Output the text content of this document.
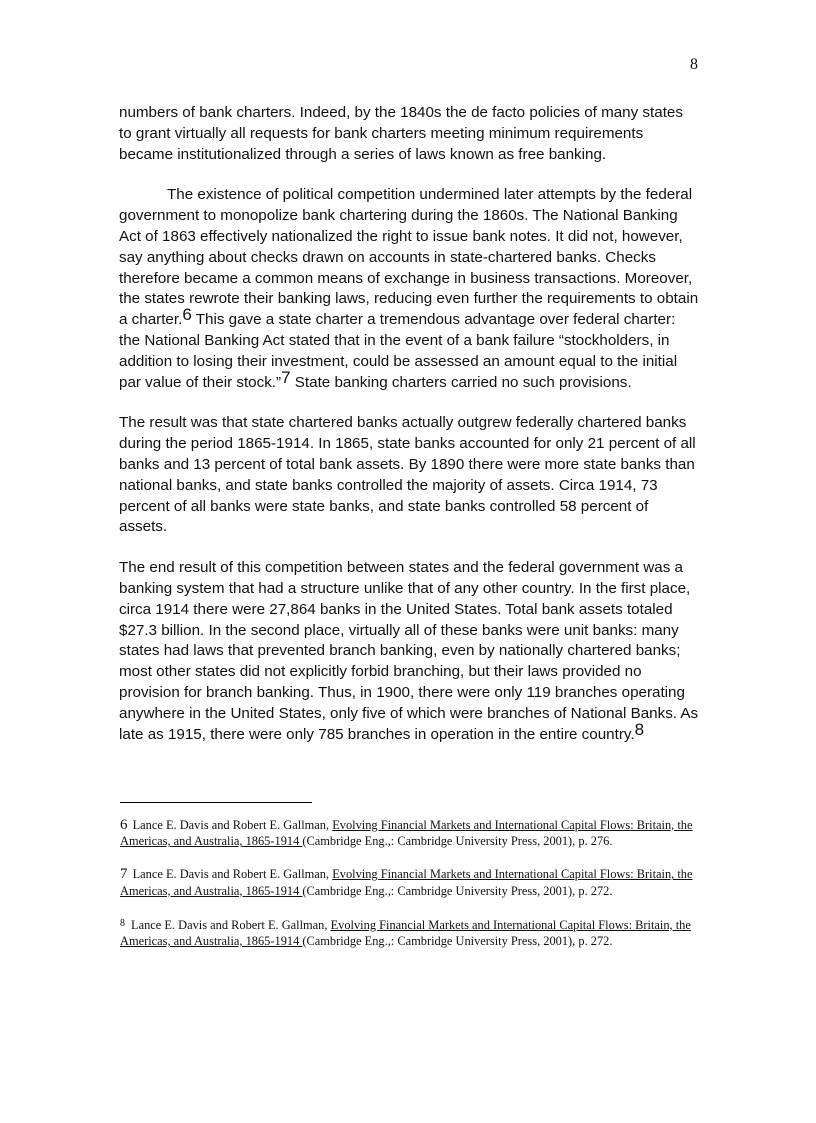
8

numbers of bank charters. Indeed, by the 1840s the de facto policies of many states to grant virtually all requests for bank charters meeting minimum requirements became institutionalized through a series of laws known as free banking.

The existence of political competition undermined later attempts by the federal government to monopolize bank chartering during the 1860s. The National Banking Act of 1863 effectively nationalized the right to issue bank notes. It did not, however, say anything about checks drawn on accounts in state-chartered banks. Checks therefore became a common means of exchange in business transactions. Moreover, the states rewrote their banking laws, reducing even further the requirements to obtain a charter.$^6$ This gave a state charter a tremendous advantage over federal charter: the National Banking Act stated that in the event of a bank failure “stockholders, in addition to losing their investment, could be assessed an amount equal to the initial par value of their stock.”$^7$ State banking charters carried no such provisions.

The result was that state chartered banks actually outgrew federally chartered banks during the period 1865-1914. In 1865, state banks accounted for only 21 percent of all banks and 13 percent of total bank assets. By 1890 there were more state banks than national banks, and state banks controlled the majority of assets. Circa 1914, 73 percent of all banks were state banks, and state banks controlled 58 percent of assets.

The end result of this competition between states and the federal government was a banking system that had a structure unlike that of any other country. In the first place, circa 1914 there were 27,864 banks in the United States. Total bank assets totaled $27.3 billion. In the second place, virtually all of these banks were unit banks: many states had laws that prevented branch banking, even by nationally chartered banks; most other states did not explicitly forbid branching, but their laws provided no provision for branch banking. Thus, in 1900, there were only 119 branches operating anywhere in the United States, only five of which were branches of National Banks. As late as 1915, there were only 785 branches in operation in the entire country.$^8$

6 Lance E. Davis and Robert E. Gallman, Evolving Financial Markets and International Capital Flows: Britain, the Americas, and Australia, 1865-1914 (Cambridge Eng.,: Cambridge University Press, 2001), p. 276.
7 Lance E. Davis and Robert E. Gallman, Evolving Financial Markets and International Capital Flows: Britain, the Americas, and Australia, 1865-1914 (Cambridge Eng.,: Cambridge University Press, 2001), p. 272.
$^8$ Lance E. Davis and Robert E. Gallman, Evolving Financial Markets and International Capital Flows: Britain, the Americas, and Australia, 1865-1914 (Cambridge Eng.,: Cambridge University Press, 2001), p. 272.
